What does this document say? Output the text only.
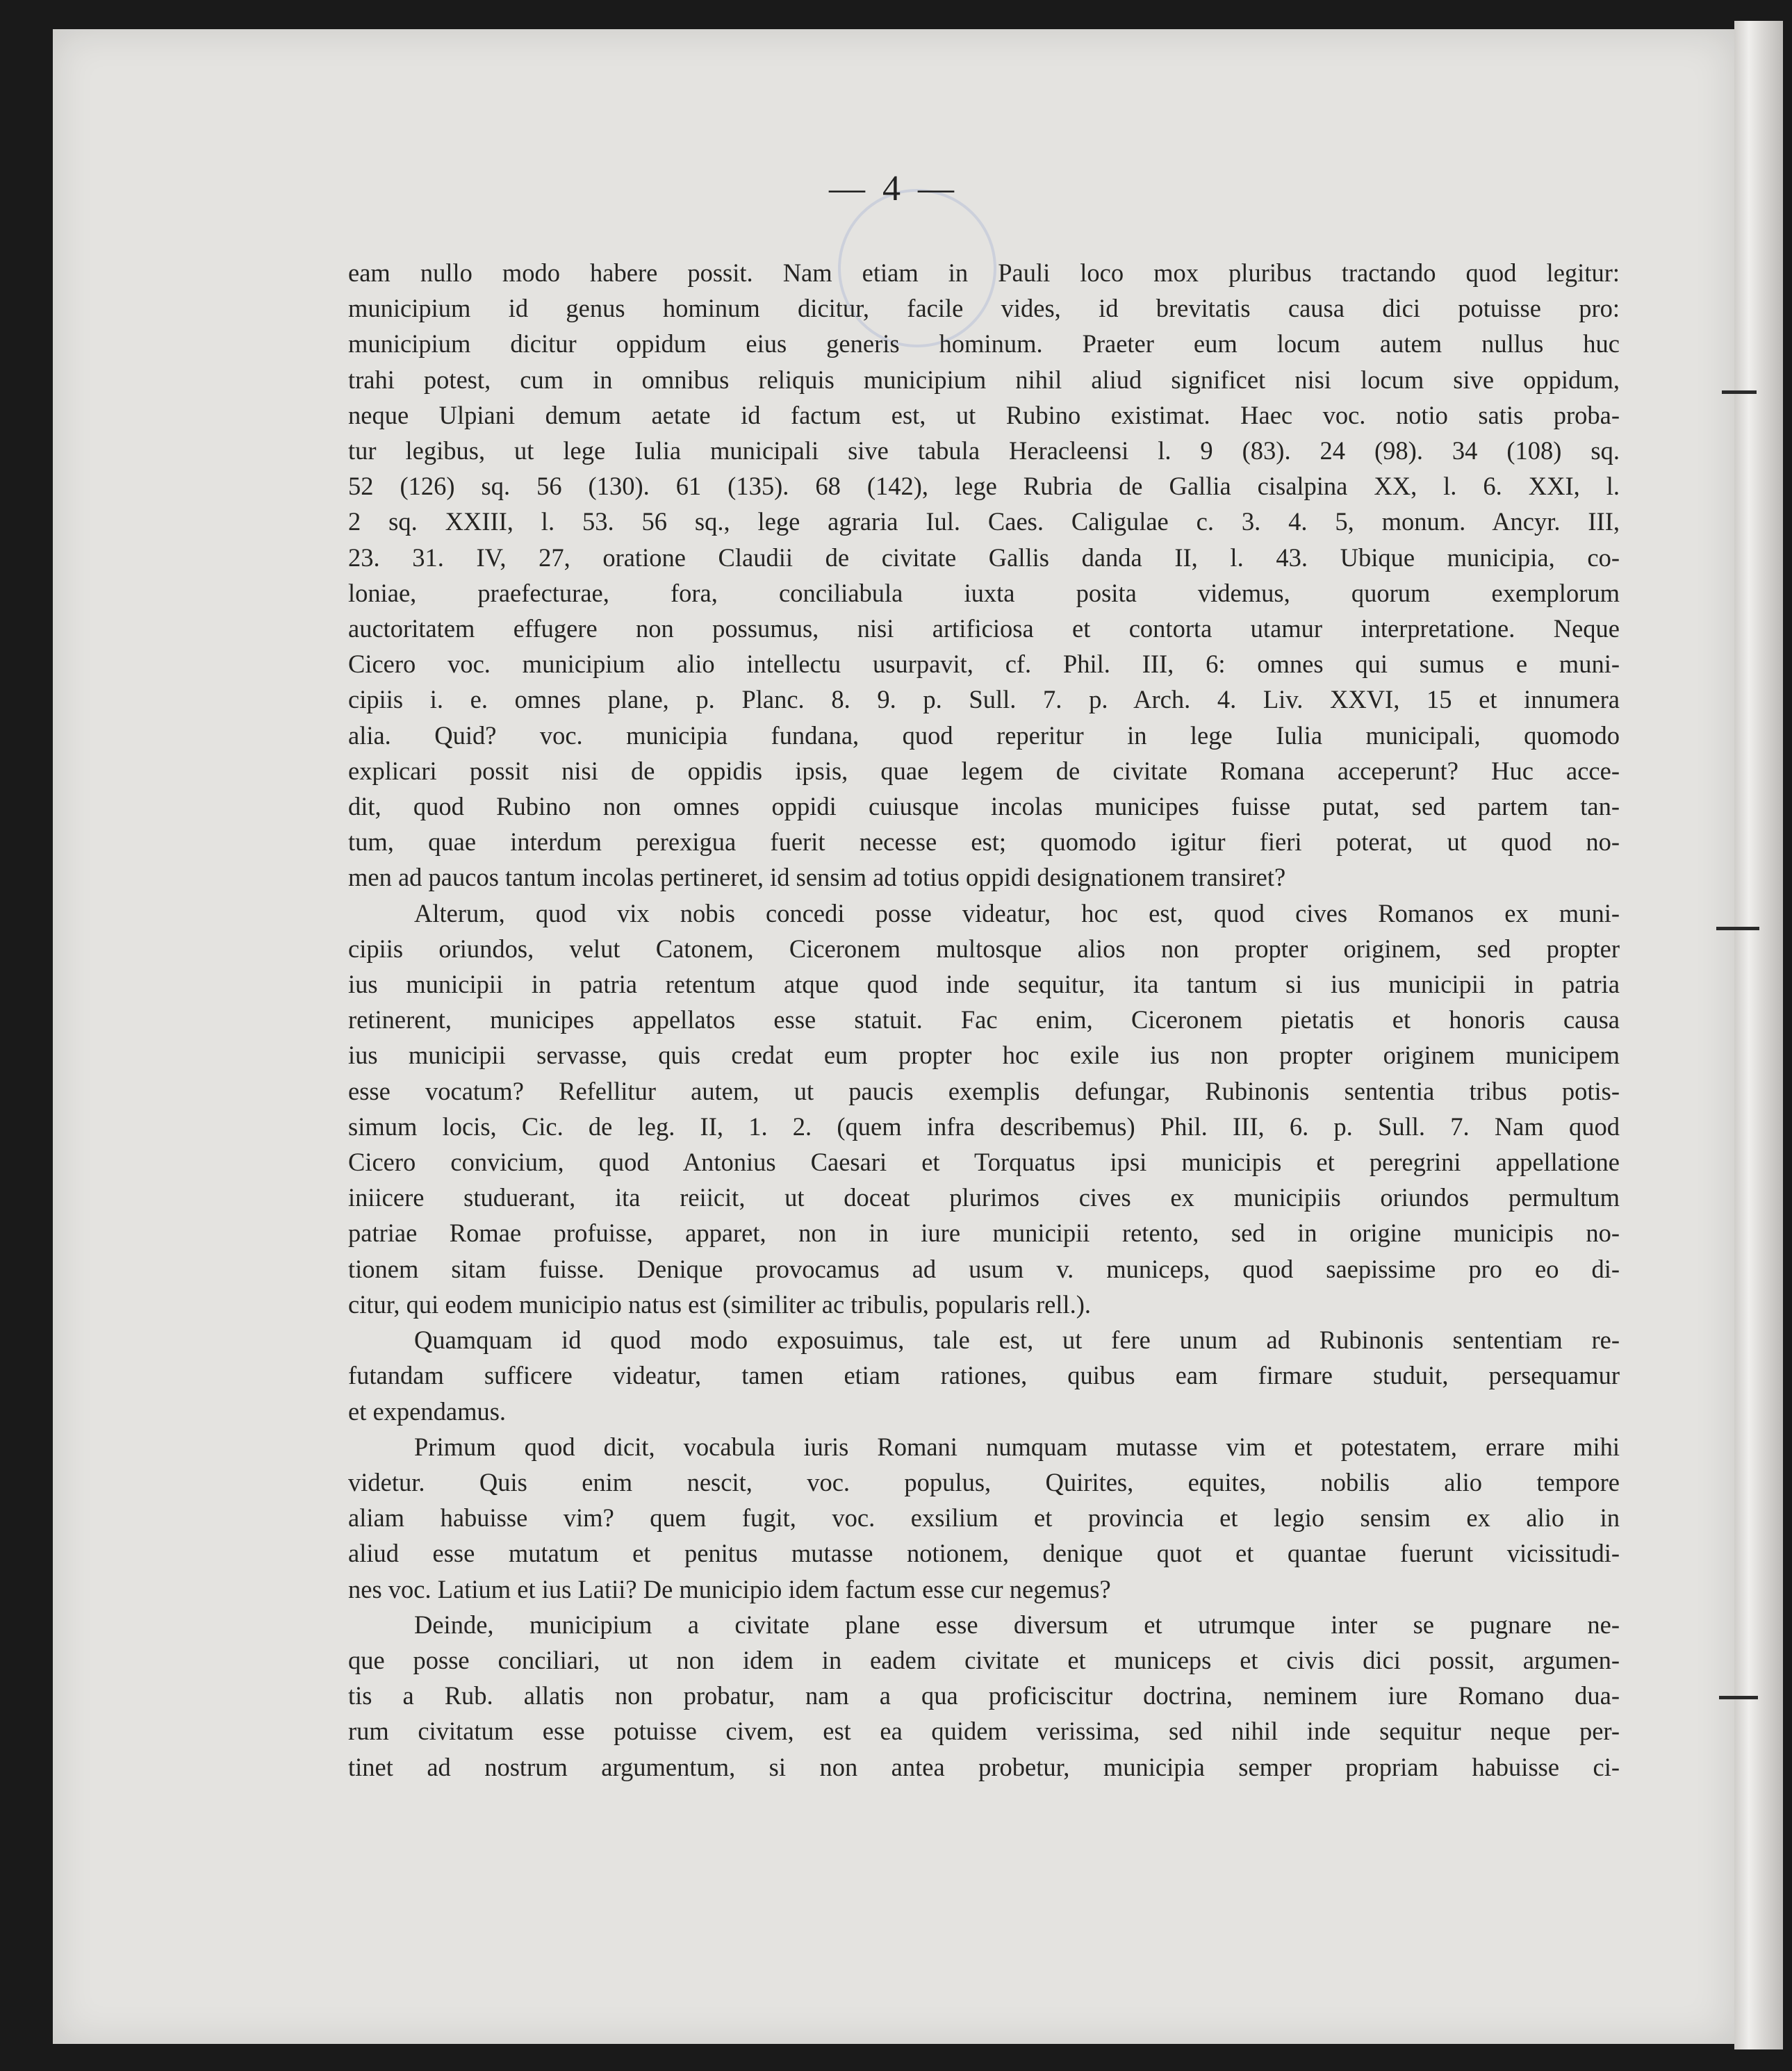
— 4 —
eam nullo modo habere possit. Nam etiam in Pauli loco mox pluribus tractando quod legitur:
municipium id genus hominum dicitur, facile vides, id brevitatis causa dici potuisse pro:
municipium dicitur oppidum eius generis hominum. Praeter eum locum autem nullus huc
trahi potest, cum in omnibus reliquis municipium nihil aliud significet nisi locum sive oppidum,
neque Ulpiani demum aetate id factum est, ut Rubino existimat. Haec voc. notio satis proba-
tur legibus, ut lege Iulia municipali sive tabula Heracleensi l. 9 (83). 24 (98). 34 (108) sq.
52 (126) sq. 56 (130). 61 (135). 68 (142), lege Rubria de Gallia cisalpina XX, l. 6. XXI, l.
2 sq. XXIII, l. 53. 56 sq., lege agraria Iul. Caes. Caligulae c. 3. 4. 5, monum. Ancyr. III,
23. 31. IV, 27, oratione Claudii de civitate Gallis danda II, l. 43. Ubique municipia, co-
loniae, praefecturae, fora, conciliabula iuxta posita videmus, quorum exemplorum
auctoritatem effugere non possumus, nisi artificiosa et contorta utamur interpretatione. Neque
Cicero voc. municipium alio intellectu usurpavit, cf. Phil. III, 6: omnes qui sumus e muni-
cipiis i. e. omnes plane, p. Planc. 8. 9. p. Sull. 7. p. Arch. 4. Liv. XXVI, 15 et innumera
alia. Quid? voc. municipia fundana, quod reperitur in lege Iulia municipali, quomodo
explicari possit nisi de oppidis ipsis, quae legem de civitate Romana acceperunt? Huc acce-
dit, quod Rubino non omnes oppidi cuiusque incolas municipes fuisse putat, sed partem tan-
tum, quae interdum perexigua fuerit necesse est; quomodo igitur fieri poterat, ut quod no-
men ad paucos tantum incolas pertineret, id sensim ad totius oppidi designationem transiret?
Alterum, quod vix nobis concedi posse videatur, hoc est, quod cives Romanos ex muni-
cipiis oriundos, velut Catonem, Ciceronem multosque alios non propter originem, sed propter
ius municipii in patria retentum atque quod inde sequitur, ita tantum si ius municipii in patria
retinerent, municipes appellatos esse statuit. Fac enim, Ciceronem pietatis et honoris causa
ius municipii servasse, quis credat eum propter hoc exile ius non propter originem municipem
esse vocatum? Refellitur autem, ut paucis exemplis defungar, Rubinonis sententia tribus potis-
simum locis, Cic. de leg. II, 1. 2. (quem infra describemus) Phil. III, 6. p. Sull. 7. Nam quod
Cicero convicium, quod Antonius Caesari et Torquatus ipsi municipis et peregrini appellatione
iniicere studuerant, ita reiicit, ut doceat plurimos cives ex municipiis oriundos permultum
patriae Romae profuisse, apparet, non in iure municipii retento, sed in origine municipis no-
tionem sitam fuisse. Denique provocamus ad usum v. municeps, quod saepissime pro eo di-
citur, qui eodem municipio natus est (similiter ac tribulis, popularis rell.).
Quamquam id quod modo exposuimus, tale est, ut fere unum ad Rubinonis sententiam re-
futandam sufficere videatur, tamen etiam rationes, quibus eam firmare studuit, persequamur
et expendamus.
Primum quod dicit, vocabula iuris Romani numquam mutasse vim et potestatem, errare mihi
videtur. Quis enim nescit, voc. populus, Quirites, equites, nobilis alio tempore
aliam habuisse vim? quem fugit, voc. exsilium et provincia et legio sensim ex alio in
aliud esse mutatum et penitus mutasse notionem, denique quot et quantae fuerunt vicissitudi-
nes voc. Latium et ius Latii? De municipio idem factum esse cur negemus?
Deinde, municipium a civitate plane esse diversum et utrumque inter se pugnare ne-
que posse conciliari, ut non idem in eadem civitate et municeps et civis dici possit, argumen-
tis a Rub. allatis non probatur, nam a qua proficiscitur doctrina, neminem iure Romano dua-
rum civitatum esse potuisse civem, est ea quidem verissima, sed nihil inde sequitur neque per-
tinet ad nostrum argumentum, si non antea probetur, municipia semper propriam habuisse ci-
